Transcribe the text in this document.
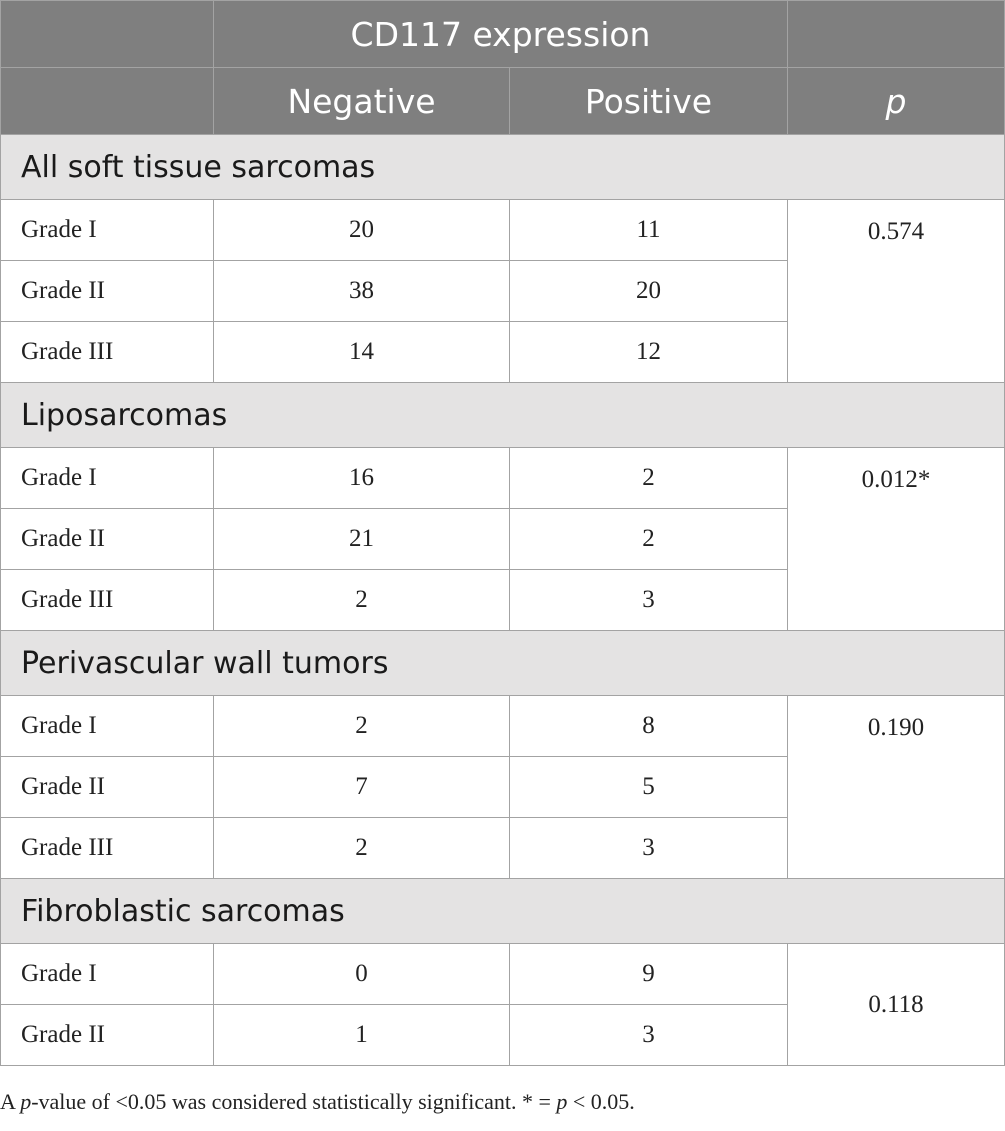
	CD117 expression		
	Negative	Positive	p
All soft tissue sarcomas			
Grade I	20	11	0.574
Grade II	38	20	
Grade III	14	12	
Liposarcomas			
Grade I	16	2	0.012*
Grade II	21	2	
Grade III	2	3	
Perivascular wall tumors			
Grade I	2	8	0.190
Grade II	7	5	
Grade III	2	3	
Fibroblastic sarcomas			
Grade I	0	9	0.118
Grade II	1	3	
A p-value of <0.05 was considered statistically significant. * = p < 0.05.
